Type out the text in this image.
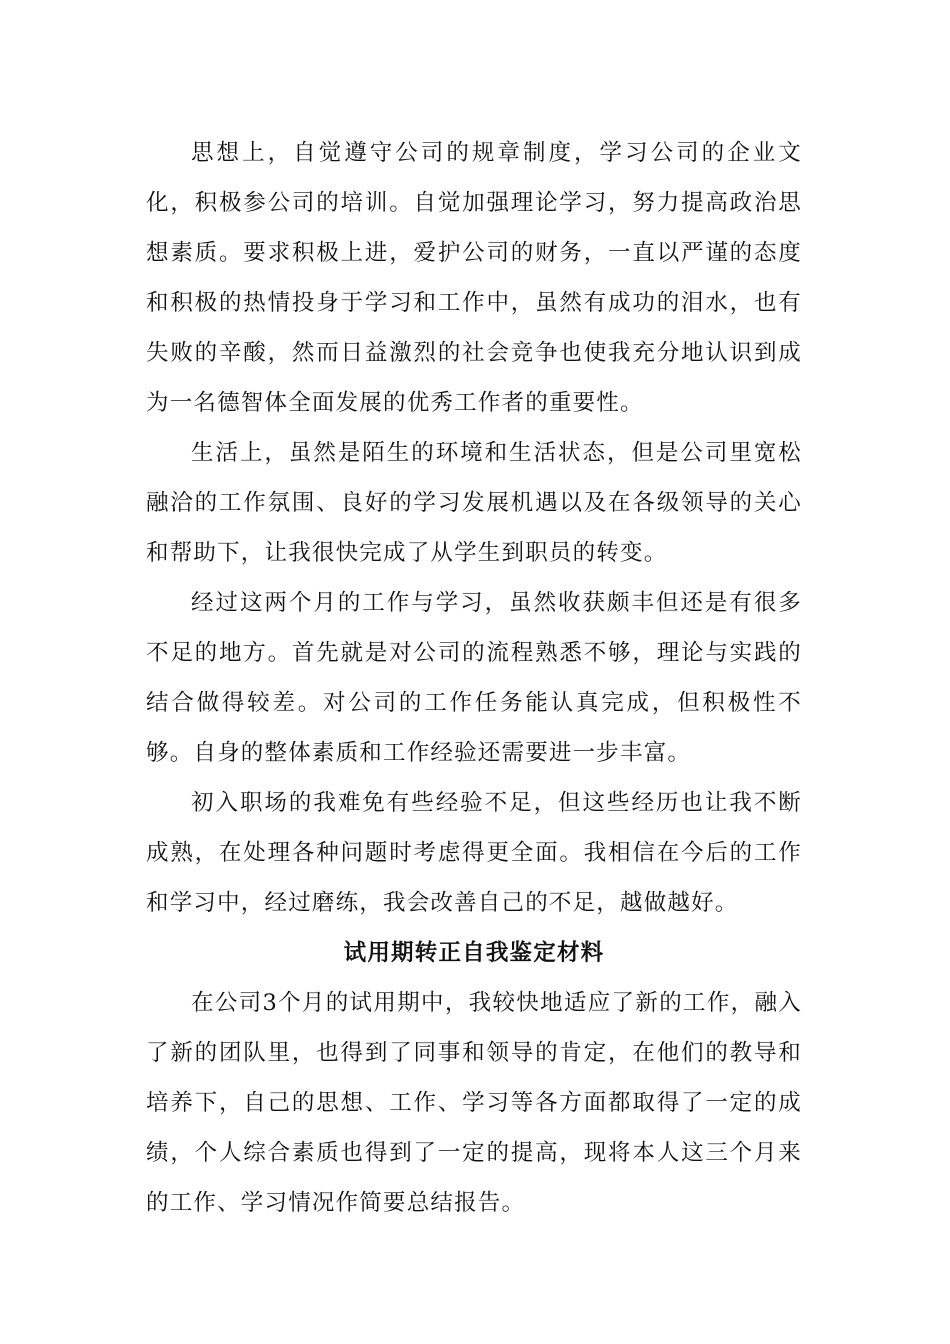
思想上，自觉遵守公司的规章制度，学习公司的企业文化，积极参公司的培训。自觉加强理论学习，努力提高政治思想素质。要求积极上进，爱护公司的财务，一直以严谨的态度和积极的热情投身于学习和工作中，虽然有成功的泪水，也有失败的辛酸，然而日益激烈的社会竞争也使我充分地认识到成为一名德智体全面发展的优秀工作者的重要性。

生活上，虽然是陌生的环境和生活状态，但是公司里宽松融洽的工作氛围、良好的学习发展机遇以及在各级领导的关心和帮助下，让我很快完成了从学生到职员的转变。

经过这两个月的工作与学习，虽然收获颇丰但还是有很多不足的地方。首先就是对公司的流程熟悉不够，理论与实践的结合做得较差。对公司的工作任务能认真完成，但积极性不够。自身的整体素质和工作经验还需要进一步丰富。

初入职场的我难免有些经验不足，但这些经历也让我不断成熟，在处理各种问题时考虑得更全面。我相信在今后的工作和学习中，经过磨练，我会改善自己的不足，越做越好。

试用期转正自我鉴定材料

在公司3个月的试用期中，我较快地适应了新的工作，融入了新的团队里，也得到了同事和领导的肯定，在他们的教导和培养下，自己的思想、工作、学习等各方面都取得了一定的成绩，个人综合素质也得到了一定的提高，现将本人这三个月来的工作、学习情况作简要总结报告。
